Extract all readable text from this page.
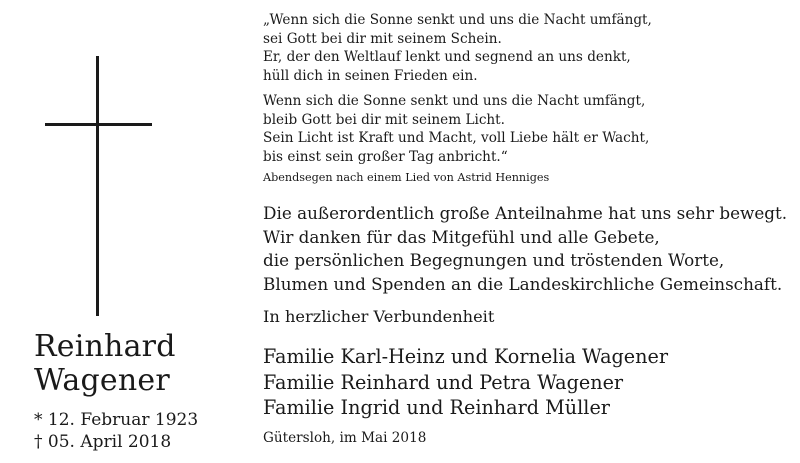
Reinhard
Wagener
* 12. Februar 1923
† 05. April 2018

„Wenn sich die Sonne senkt und uns die Nacht umfängt,
sei Gott bei dir mit seinem Schein.
Er, der den Weltlauf lenkt und segnend an uns denkt,
hüll dich in seinen Frieden ein.

Wenn sich die Sonne senkt und uns die Nacht umfängt,
bleib Gott bei dir mit seinem Licht.
Sein Licht ist Kraft und Macht, voll Liebe hält er Wacht,
bis einst sein großer Tag anbricht.“

Abendsegen nach einem Lied von Astrid Henniges
Die außerordentlich große Anteilnahme hat uns sehr bewegt.
Wir danken für das Mitgefühl und alle Gebete,
die persönlichen Begegnungen und tröstenden Worte,
Blumen und Spenden an die Landeskirchliche Gemeinschaft.
In herzlicher Verbundenheit
Familie Karl-Heinz und Kornelia Wagener
Familie Reinhard und Petra Wagener
Familie Ingrid und Reinhard Müller
Gütersloh, im Mai 2018
